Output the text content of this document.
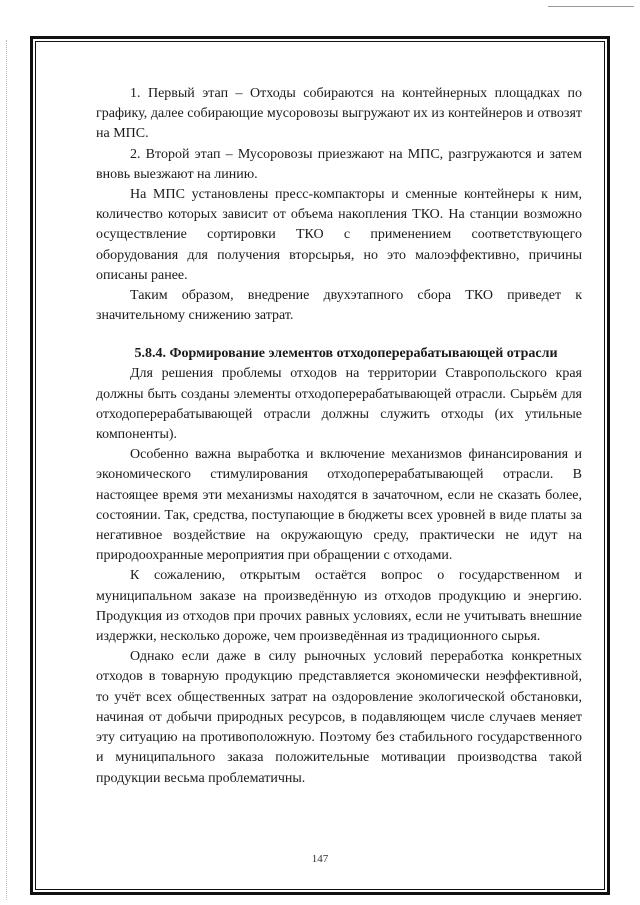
1. Первый этап – Отходы собираются на контейнерных площадках по графику, далее собирающие мусоровозы выгружают их из контейнеров и отвозят на МПС.

2. Второй этап – Мусоровозы приезжают на МПС, разгружаются и затем вновь выезжают на линию.

На МПС установлены пресс-компакторы и сменные контейнеры к ним, количество которых зависит от объема накопления ТКО. На станции возможно осуществление сортировки ТКО с применением соответствующего оборудования для получения вторсырья, но это малоэффективно, причины описаны ранее.

Таким образом, внедрение двухэтапного сбора ТКО приведет к значительному снижению затрат.

5.8.4. Формирование элементов отходоперерабатывающей отрасли

Для решения проблемы отходов на территории Ставропольского края должны быть созданы элементы отходоперерабатывающей отрасли. Сырьём для отходоперерабатывающей отрасли должны служить отходы (их утильные компоненты).

Особенно важна выработка и включение механизмов финансирования и экономического стимулирования отходоперерабатывающей отрасли. В настоящее время эти механизмы находятся в зачаточном, если не сказать более, состоянии. Так, средства, поступающие в бюджеты всех уровней в виде платы за негативное воздействие на окружающую среду, практически не идут на природоохранные мероприятия при обращении с отходами.

К сожалению, открытым остаётся вопрос о государственном и муниципальном заказе на произведённую из отходов продукцию и энергию. Продукция из отходов при прочих равных условиях, если не учитывать внешние издержки, несколько дороже, чем произведённая из традиционного сырья.

Однако если даже в силу рыночных условий переработка конкретных отходов в товарную продукцию представляется экономически неэффективной, то учёт всех общественных затрат на оздоровление экологической обстановки, начиная от добычи природных ресурсов, в подавляющем числе случаев меняет эту ситуацию на противоположную. Поэтому без стабильного государственного и муниципального заказа положительные мотивации производства такой продукции весьма проблематичны.

147
